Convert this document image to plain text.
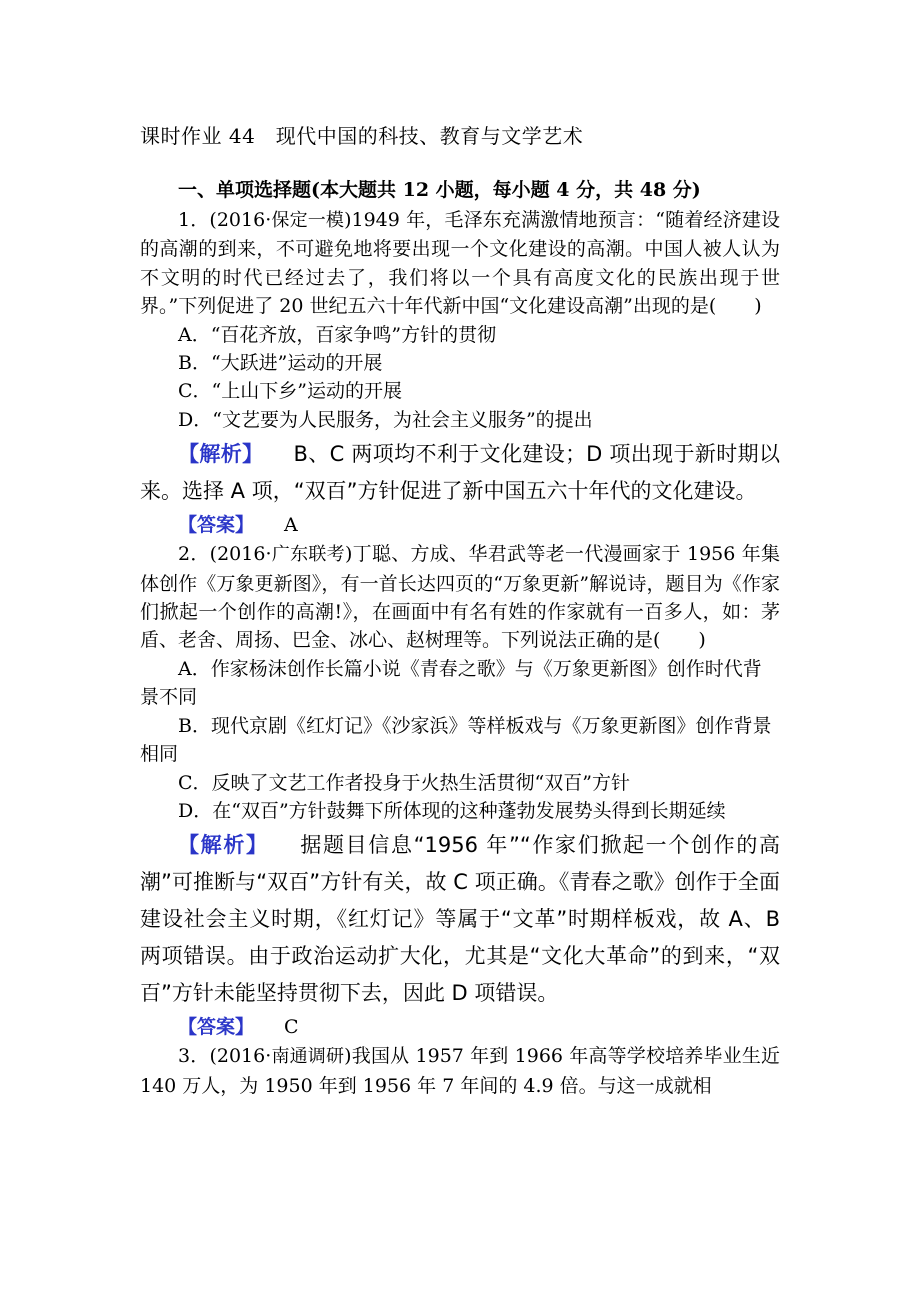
课时作业 44　现代中国的科技、教育与文学艺术
一、单项选择题(本大题共 12 小题，每小题 4 分，共 48 分)

1．(2016·保定一模)1949 年，毛泽东充满激情地预言：“随着经济建设的高潮的到来，不可避免地将要出现一个文化建设的高潮。中国人被人认为不文明的时代已经过去了，我们将以一个具有高度文化的民族出现于世界。”下列促进了 20 世纪五六十年代新中国“文化建设高潮”出现的是(　　)

A．“百花齐放，百家争鸣”方针的贯彻

B．“大跃进”运动的开展

C．“上山下乡”运动的开展

D．“文艺要为人民服务，为社会主义服务”的提出

【解析】 B、C 两项均不利于文化建设；D 项出现于新时期以来。选择 A 项，“双百”方针促进了新中国五六十年代的文化建设。

【答案】 A

2．(2016·广东联考)丁聪、方成、华君武等老一代漫画家于 1956 年集体创作《万象更新图》，有一首长达四页的“万象更新”解说诗，题目为《作家们掀起一个创作的高潮!》，在画面中有名有姓的作家就有一百多人，如：茅盾、老舍、周扬、巴金、冰心、赵树理等。下列说法正确的是(　　)

A．作家杨沫创作长篇小说《青春之歌》与《万象更新图》创作时代背景不同

B．现代京剧《红灯记》《沙家浜》等样板戏与《万象更新图》创作背景相同

C．反映了文艺工作者投身于火热生活贯彻“双百”方针

D．在“双百”方针鼓舞下所体现的这种蓬勃发展势头得到长期延续

【解析】 据题目信息“1956 年”“作家们掀起一个创作的高潮”可推断与“双百”方针有关，故 C 项正确。《青春之歌》创作于全面建设社会主义时期，《红灯记》等属于“文革”时期样板戏，故 A、B 两项错误。由于政治运动扩大化，尤其是“文化大革命”的到来，“双百”方针未能坚持贯彻下去，因此 D 项错误。

【答案】 C

3．(2016·南通调研)我国从 1957 年到 1966 年高等学校培养毕业生近 140 万人，为 1950 年到 1956 年 7 年间的 4.9 倍。与这一成就相
